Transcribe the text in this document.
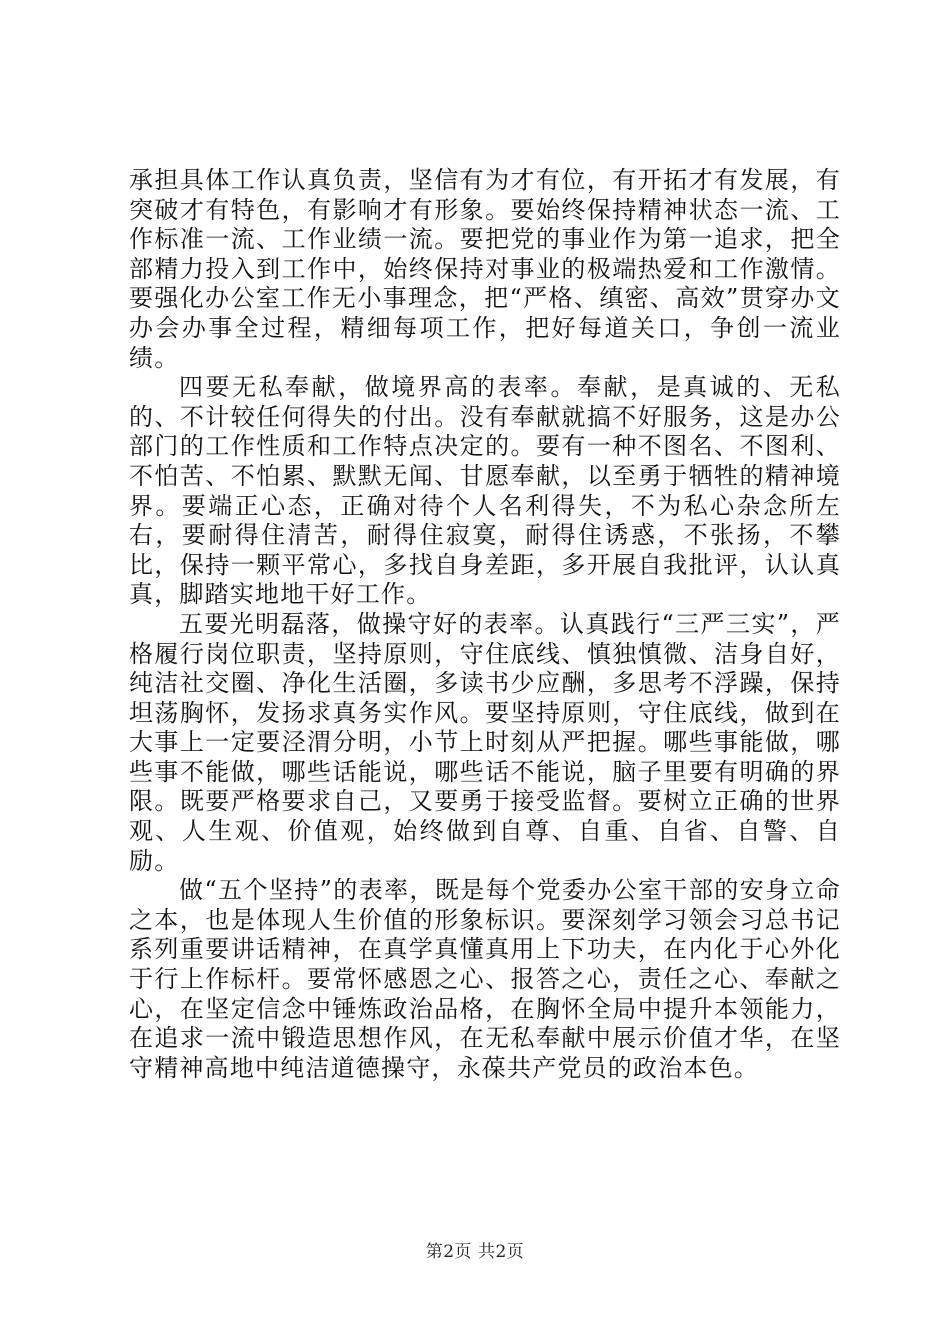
承担具体工作认真负责，坚信有为才有位，有开拓才有发展，有突破才有特色，有影响才有形象。要始终保持精神状态一流、工作标准一流、工作业绩一流。要把党的事业作为第一追求，把全部精力投入到工作中，始终保持对事业的极端热爱和工作激情。要强化办公室工作无小事理念，把“严格、缜密、高效”贯穿办文办会办事全过程，精细每项工作，把好每道关口，争创一流业绩。

四要无私奉献，做境界高的表率。奉献，是真诚的、无私的、不计较任何得失的付出。没有奉献就搞不好服务，这是办公部门的工作性质和工作特点决定的。要有一种不图名、不图利、不怕苦、不怕累、默默无闻、甘愿奉献，以至勇于牺牲的精神境界。要端正心态，正确对待个人名利得失，不为私心杂念所左右，要耐得住清苦，耐得住寂寞，耐得住诱惑，不张扬，不攀比，保持一颗平常心，多找自身差距，多开展自我批评，认认真真，脚踏实地地干好工作。

五要光明磊落，做操守好的表率。认真践行“三严三实”，严格履行岗位职责，坚持原则，守住底线、慎独慎微、洁身自好，纯洁社交圈、净化生活圈，多读书少应酬，多思考不浮躁，保持坦荡胸怀，发扬求真务实作风。要坚持原则，守住底线，做到在大事上一定要泾渭分明，小节上时刻从严把握。哪些事能做，哪些事不能做，哪些话能说，哪些话不能说，脑子里要有明确的界限。既要严格要求自己，又要勇于接受监督。要树立正确的世界观、人生观、价值观，始终做到自尊、自重、自省、自警、自励。

做“五个坚持”的表率，既是每个党委办公室干部的安身立命之本，也是体现人生价值的形象标识。要深刻学习领会习总书记系列重要讲话精神，在真学真懂真用上下功夫，在内化于心外化于行上作标杆。要常怀感恩之心、报答之心，责任之心、奉献之心，在坚定信念中锤炼政治品格，在胸怀全局中提升本领能力，在追求一流中锻造思想作风，在无私奉献中展示价值才华，在坚守精神高地中纯洁道德操守，永葆共产党员的政治本色。

第2页 共2页
